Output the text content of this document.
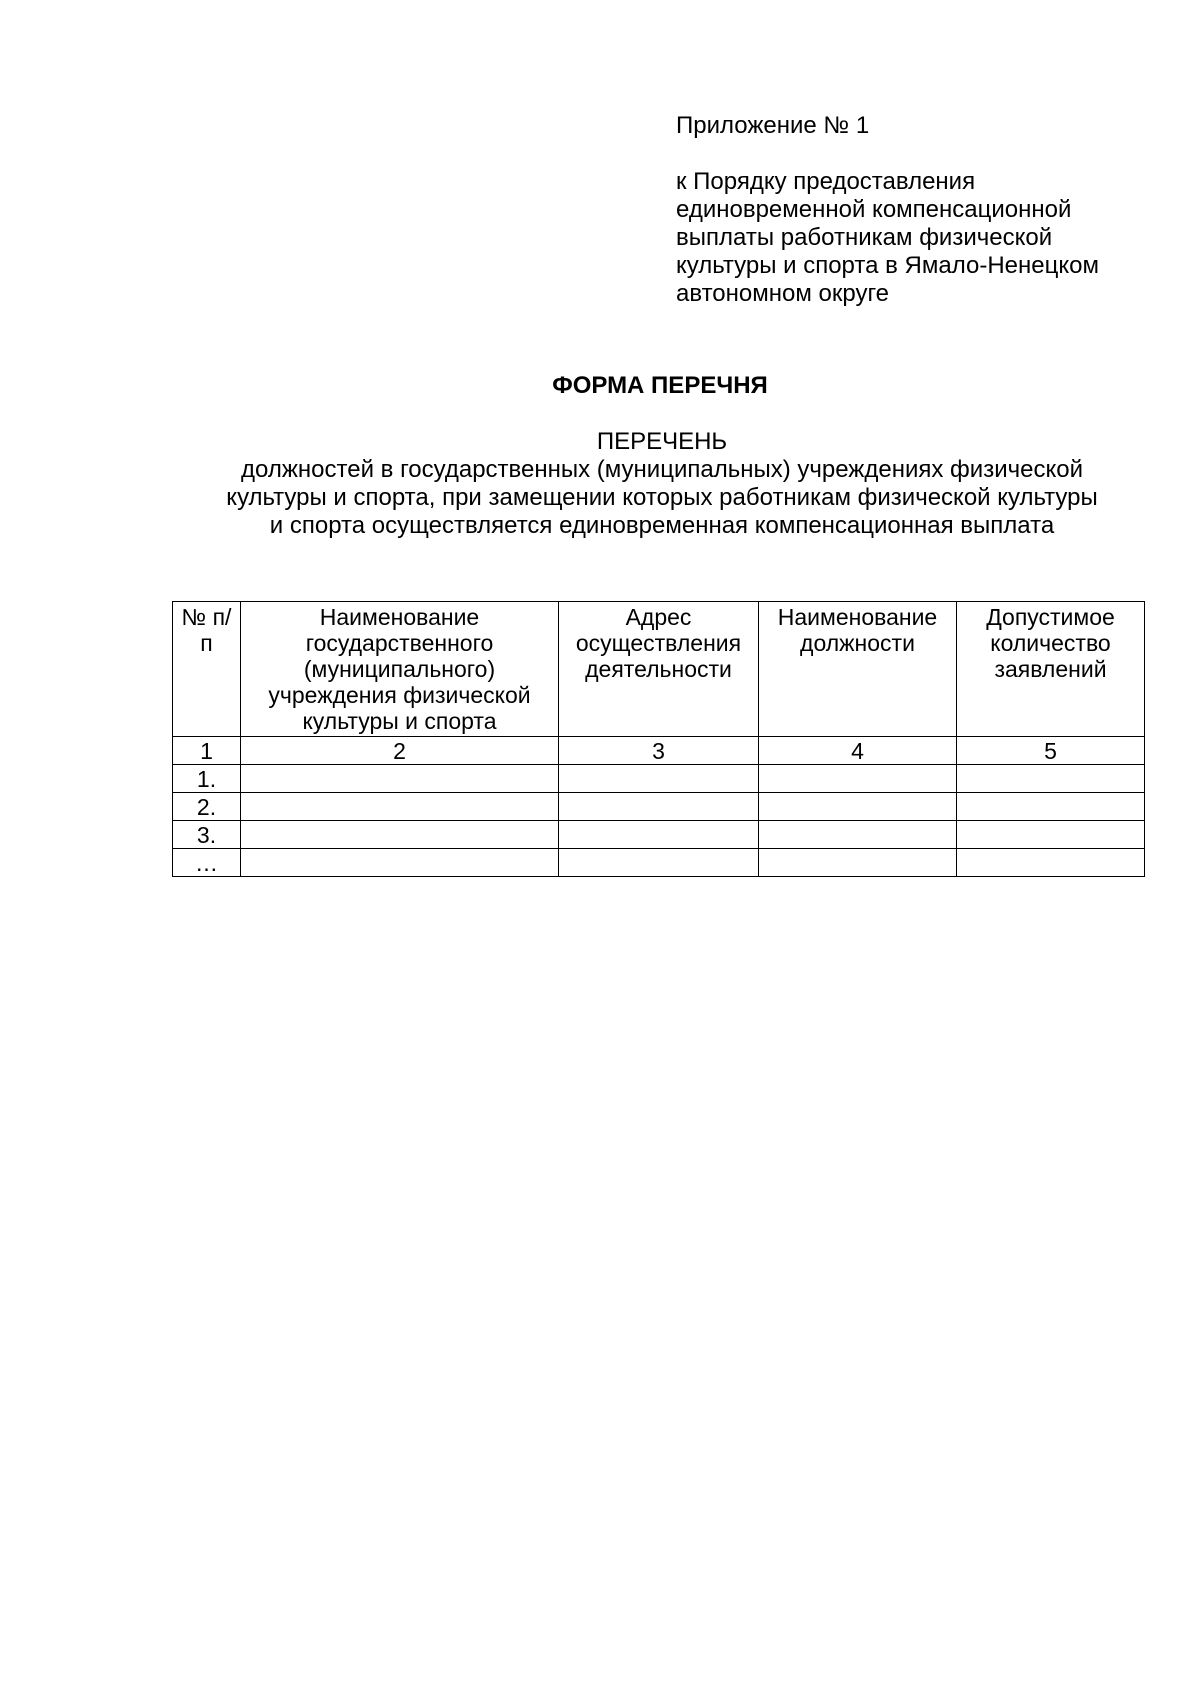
Приложение № 1

к Порядку предоставления единовременной компенсационной выплаты работникам физической культуры и спорта в Ямало-Ненецком автономном округе

ФОРМА ПЕРЕЧНЯ
ПЕРЕЧЕНЬ
должностей в государственных (муниципальных) учреждениях физической
культуры и спорта, при замещении которых работникам физической культуры
и спорта осуществляется единовременная компенсационная выплата
№ п/п	Наименование государственного (муниципального) учреждения физической культуры и спорта	Адрес осуществления деятельности	Наименование должности	Допустимое количество заявлений
1	2	3	4	5
1.				
2.				
3.				
…				
